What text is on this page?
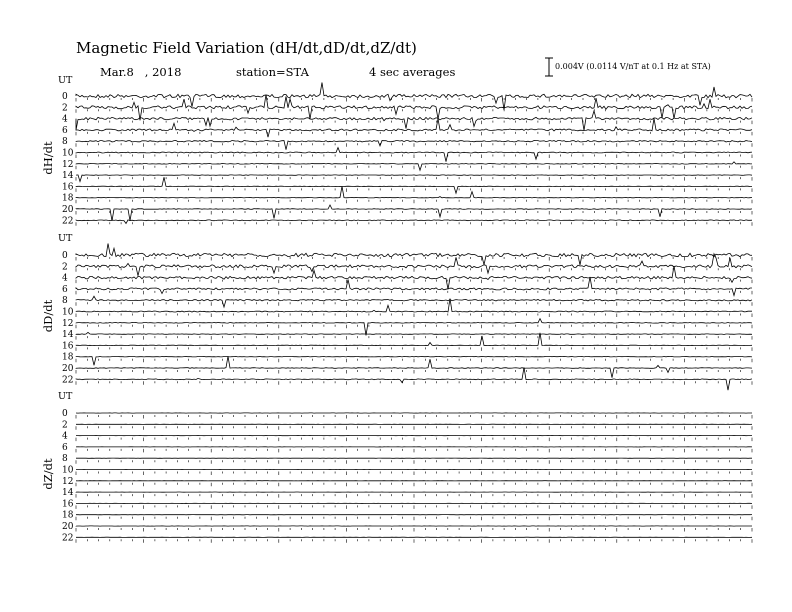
Magnetic Field Variation (dH/dt,dD/dt,dZ/dt)
Mar.8   , 2018	station=STA	4 sec averages	0.004V (0.0114 V/nT at 0.1 Hz at STA)
UT
dH/dt
0
2
4
6
8
10
12
14
16
18
20
22
UT
dD/dt
0
2
4
6
8
10
12
14
16
18
20
22
UT
dZ/dt
0
2
4
6
8
10
12
14
16
18
20
22
